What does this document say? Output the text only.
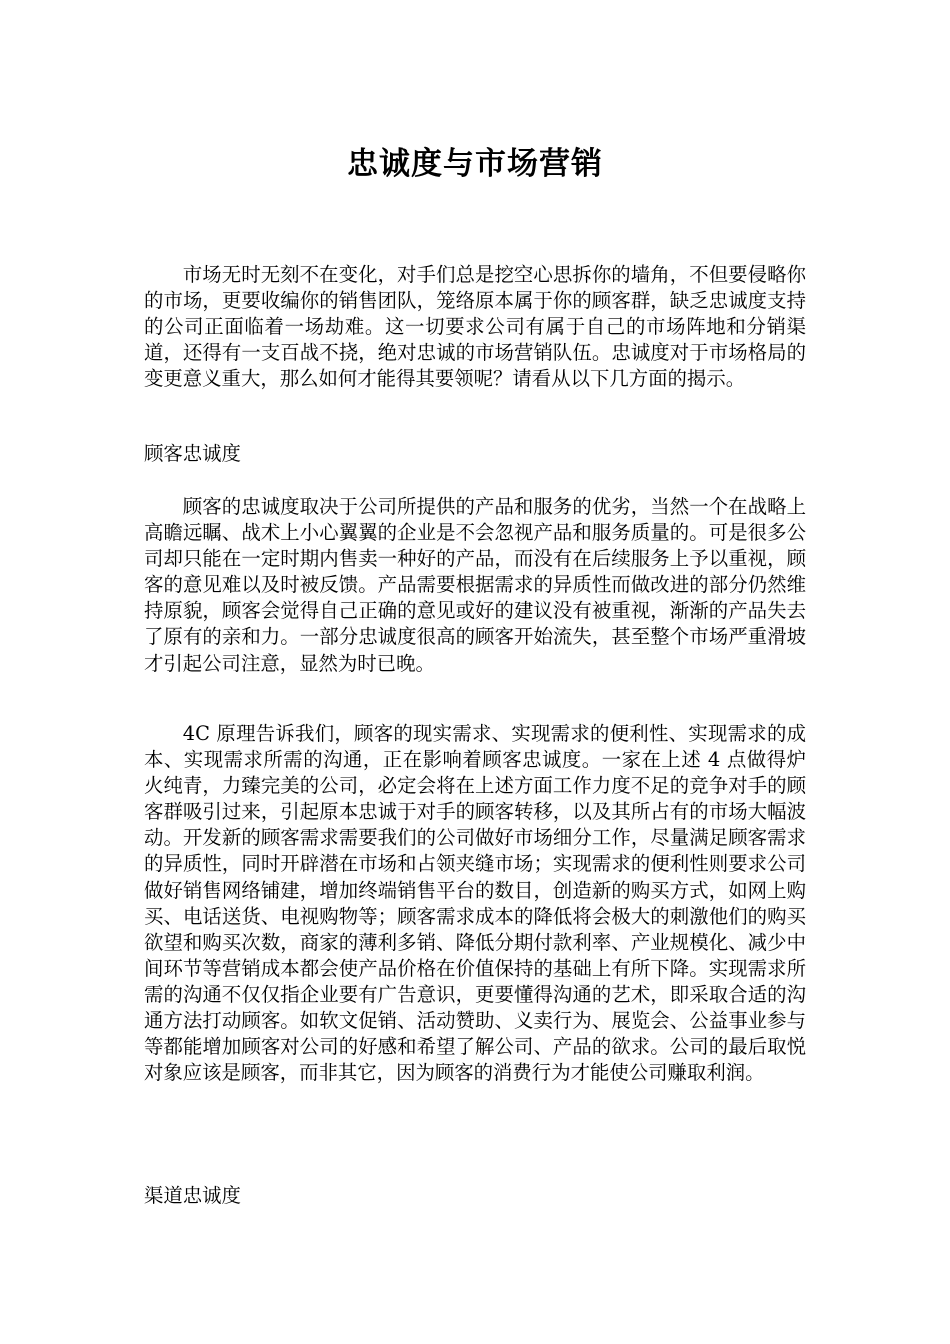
忠诚度与市场营销

市场无时无刻不在变化，对手们总是挖空心思拆你的墙角，不但要侵略你的市场，更要收编你的销售团队，笼络原本属于你的顾客群，缺乏忠诚度支持的公司正面临着一场劫难。这一切要求公司有属于自己的市场阵地和分销渠道，还得有一支百战不挠，绝对忠诚的市场营销队伍。忠诚度对于市场格局的变更意义重大，那么如何才能得其要领呢？请看从以下几方面的揭示。

顾客忠诚度

顾客的忠诚度取决于公司所提供的产品和服务的优劣，当然一个在战略上高瞻远瞩、战术上小心翼翼的企业是不会忽视产品和服务质量的。可是很多公司却只能在一定时期内售卖一种好的产品，而没有在后续服务上予以重视，顾客的意见难以及时被反馈。产品需要根据需求的异质性而做改进的部分仍然维持原貌，顾客会觉得自己正确的意见或好的建议没有被重视，渐渐的产品失去了原有的亲和力。一部分忠诚度很高的顾客开始流失，甚至整个市场严重滑坡才引起公司注意，显然为时已晚。

4C 原理告诉我们，顾客的现实需求、实现需求的便利性、实现需求的成本、实现需求所需的沟通，正在影响着顾客忠诚度。一家在上述 4 点做得炉火纯青，力臻完美的公司，必定会将在上述方面工作力度不足的竞争对手的顾客群吸引过来，引起原本忠诚于对手的顾客转移，以及其所占有的市场大幅波动。开发新的顾客需求需要我们的公司做好市场细分工作，尽量满足顾客需求的异质性，同时开辟潜在市场和占领夹缝市场；实现需求的便利性则要求公司做好销售网络铺建，增加终端销售平台的数目，创造新的购买方式，如网上购买、电话送货、电视购物等；顾客需求成本的降低将会极大的刺激他们的购买欲望和购买次数，商家的薄利多销、降低分期付款利率、产业规模化、减少中间环节等营销成本都会使产品价格在价值保持的基础上有所下降。实现需求所需的沟通不仅仅指企业要有广告意识，更要懂得沟通的艺术，即采取合适的沟通方法打动顾客。如软文促销、活动赞助、义卖行为、展览会、公益事业参与等都能增加顾客对公司的好感和希望了解公司、产品的欲求。公司的最后取悦对象应该是顾客，而非其它，因为顾客的消费行为才能使公司赚取利润。

渠道忠诚度
